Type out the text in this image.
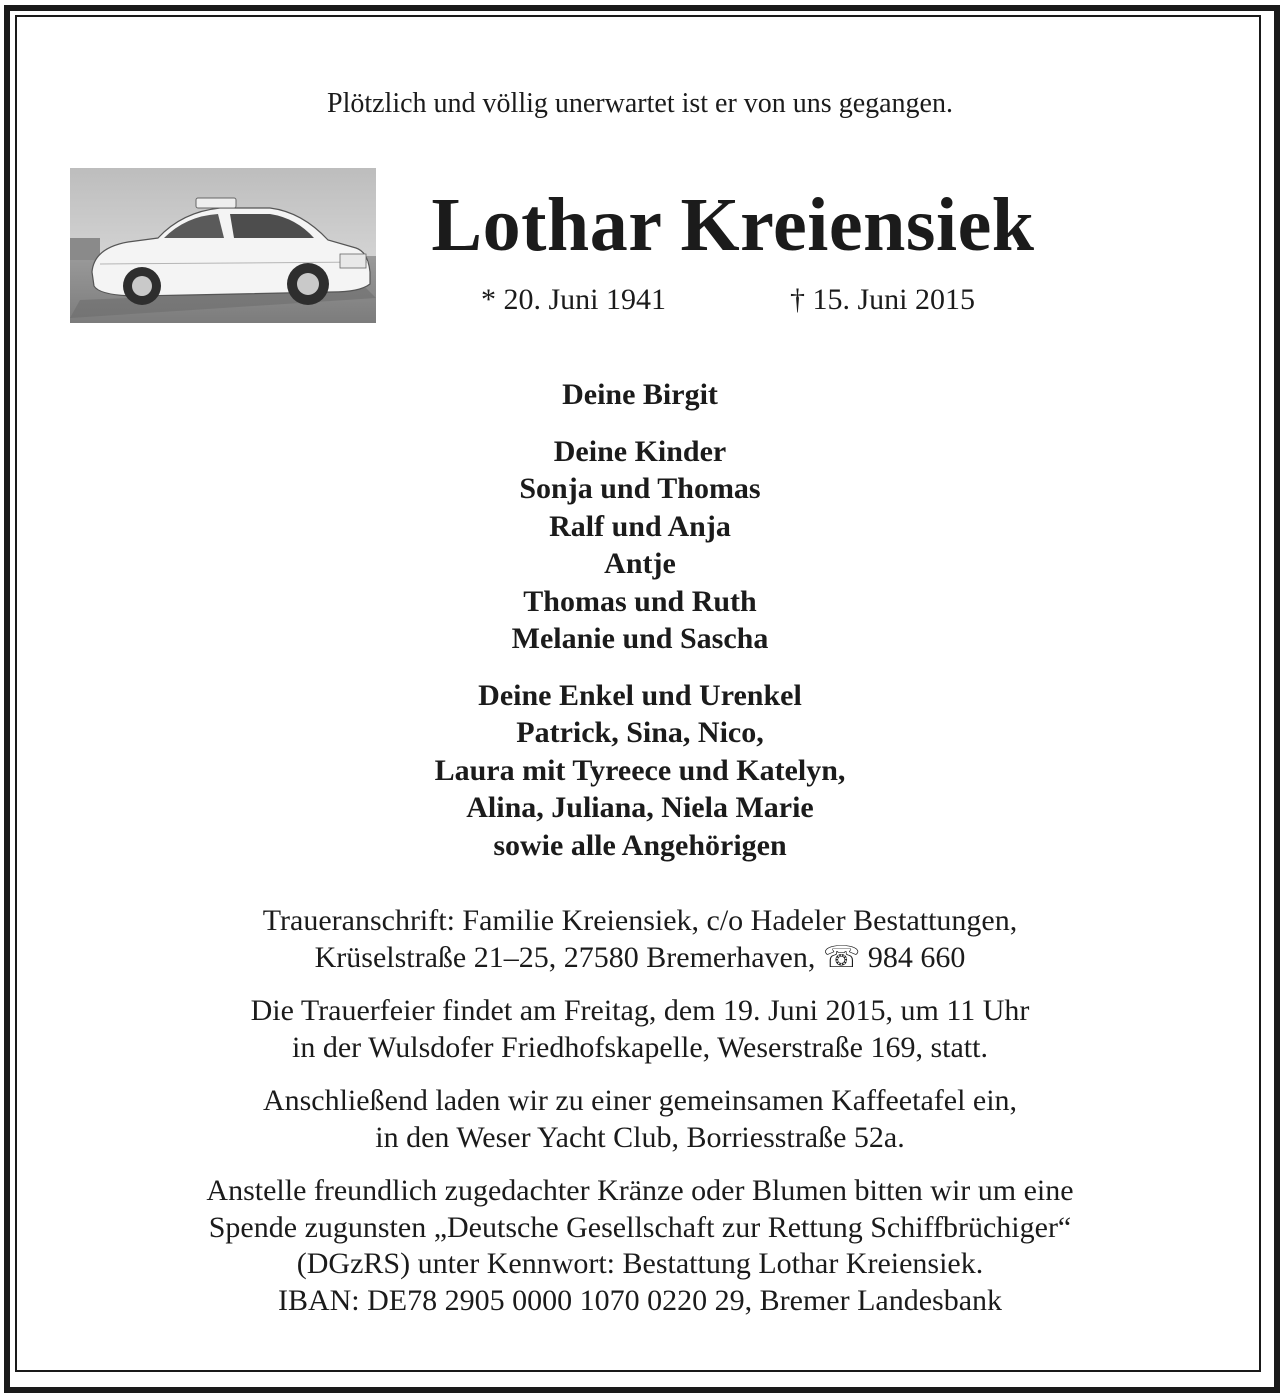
Plötzlich und völlig unerwartet ist er von uns gegangen.
Lothar Kreiensiek
* 20. Juni 1941	† 15. Juni 2015
Deine Birgit
Deine Kinder
Sonja und Thomas
Ralf und Anja
Antje
Thomas und Ruth
Melanie und Sascha
Deine Enkel und Urenkel
Patrick, Sina, Nico,
Laura mit Tyreece und Katelyn,
Alina, Juliana, Niela Marie
sowie alle Angehörigen
Traueranschrift: Familie Kreiensiek, c/o Hadeler Bestattungen,
Krüselstraße 21–25, 27580 Bremerhaven, ☏ 984 660
Die Trauerfeier findet am Freitag, dem 19. Juni 2015, um 11 Uhr
in der Wulsdofer Friedhofskapelle, Weserstraße 169, statt.
Anschließend laden wir zu einer gemeinsamen Kaffeetafel ein,
in den Weser Yacht Club, Borriesstraße 52a.
Anstelle freundlich zugedachter Kränze oder Blumen bitten wir um eine
Spende zugunsten „Deutsche Gesellschaft zur Rettung Schiffbrüchiger“
(DGzRS) unter Kennwort: Bestattung Lothar Kreiensiek.
IBAN: DE78 2905 0000 1070 0220 29, Bremer Landesbank
